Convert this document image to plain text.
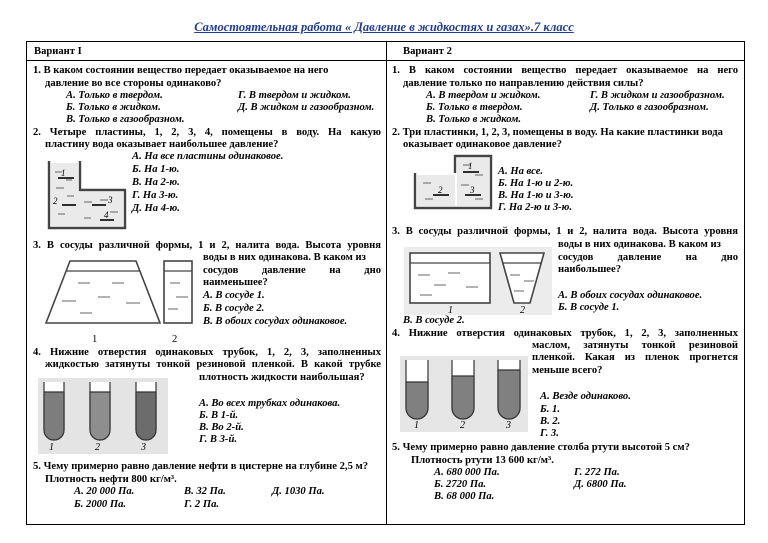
Самостоятельная работа « Давление в жидкостях и газах».7 класс
Вариант I
1. В каком состоянии вещество передает оказываемое на него
давление во все стороны одинаково?
А. Только в твердом.	Г. В твердом и жидком.
Б. Только в жидком.	Д. В жидком и газообразном.
В. Только в газообразном.
2. Четыре пластины, 1, 2, 3, 4, помещены в воду. На какую
пластину вода оказывает наибольшее давление?
А. На все пластины одинаковое.
Б. На 1-ю.
В. На 2-ю.
Г. На 3-ю.
Д. На 4-ю.
1
2	3
4
3. В сосуды различной формы, 1 и 2, налита вода. Высота уровня
воды в них одинакова. В каком из
сосудов давление на дно
наименьшее?
А. В сосуде 1.
Б. В сосуде 2.
В. В обоих сосудах одинаковое.
1	2
4. Нижние отверстия одинаковых трубок, 1, 2, 3, заполненных
жидкостью затянуты тонкой резиновой пленкой. В какой трубке
плотность жидкости наибольшая?
А. Во всех трубках одинакова.
Б. В 1-й.
В. Во 2-й.
Г. В 3-й.
1	2	3
5. Чему примерно равно давление нефти в цистерне на глубине 2,5 м?
Плотность нефти 800 кг/м³.
А. 20 000 Па.	В. 32 Па.	Д. 1030 Па.
Б. 2000 Па.	Г. 2 Па.
Вариант 2
1. В каком состоянии вещество передает оказываемое на него
давление только по направлению действия силы?
А. В твердом и жидком.	Г. В жидком и газообразном.
Б. Только в твердом.	Д. Только в газообразном.
В. Только в жидком.
2. Три пластинки, 1, 2, 3, помещены в воду. На какие пластинки вода
оказывает одинаковое давление?
А. На все.
Б. На 1-ю и 2-ю.
В. На 1-ю и 3-ю.
Г. На 2-ю и 3-ю.
1
2	3
3. В сосуды различной формы, 1 и 2, налита вода. Высота уровня
воды в них одинакова. В каком из
сосудов давление на дно
наибольшее?
А. В обоих сосудах одинаковое.
Б. В сосуде 1.
В. В сосуде 2.
1	2
4. Нижние отверстия одинаковых трубок, 1, 2, 3, заполненных
маслом, затянуты тонкой резиновой
пленкой. Какая из пленок прогнется
меньше всего?
А. Везде одинаково.
Б. 1.
В. 2.
Г. 3.
1	2	3
5. Чему примерно равно давление столба ртути высотой 5 см?
Плотность ртути 13 600 кг/м³.
А. 680 000 Па.	Г. 272 Па.
Б. 2720 Па.	Д. 6800 Па.
В. 68 000 Па.
